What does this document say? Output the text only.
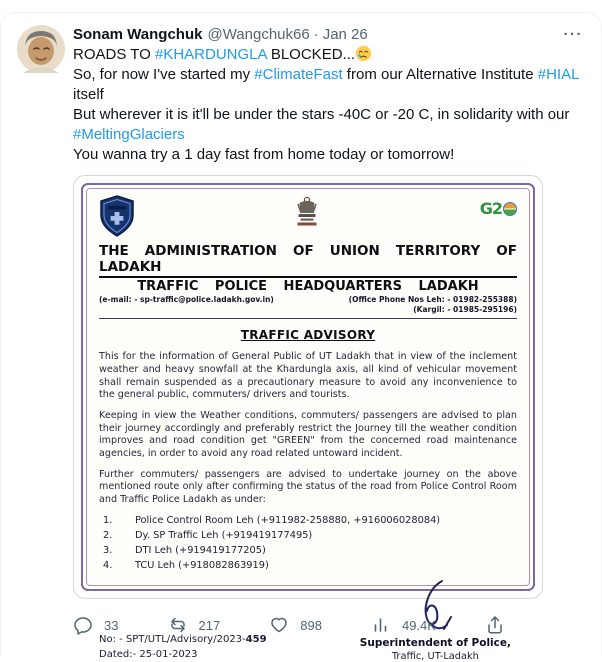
Sonam Wangchuk @Wangchuk66 · Jan 26	···
ROADS TO #KHARDUNGLA BLOCKED...
So, for now I've started my #ClimateFast from our Alternative Institute #HIAL itself
But wherever it is it'll be under the stars -40C or -20 C, in solidarity with our #MeltingGlaciers
You wanna try a 1 day fast from home today or tomorrow!
G2
THE ADMINISTRATION OF UNION TERRITORY OF LADAKH
TRAFFIC POLICE HEADQUARTERS LADAKH
(e-mail: - sp-traffic@police.ladakh.gov.in)	(Office Phone Nos Leh: - 01982-255388)
(Kargil: - 01985-295196)
TRAFFIC ADVISORY
This for the information of General Public of UT Ladakh that in view of the inclement weather and heavy snowfall at the Khardungla axis, all kind of vehicular movement shall remain suspended as a precautionary measure to avoid any inconvenience to the general public, commuters/ drivers and tourists.
Keeping in view the Weather conditions, commuters/ passengers are advised to plan their journey accordingly and preferably restrict the Journey till the weather condition improves and road condition get "GREEN" from the concerned road maintenance agencies, in order to avoid any road related untoward incident.
Further commuters/ passengers are advised to undertake journey on the above mentioned route only after confirming the status of the road from Police Control Room and Traffic Police Ladakh as under:
1.	Police Control Room Leh (+911982-258880, +916006028084)
2.	Dy. SP Traffic Leh (+919419177495)
3.	DTI Leh (+919419177205)
4.	TCU Leh (+918082863919)
No: - SPT/UTL/Advisory/2023-459
Dated:- 25-01-2023
Superintendent of Police,
Traffic, UT-Ladakh
33	217	898	49.4K
